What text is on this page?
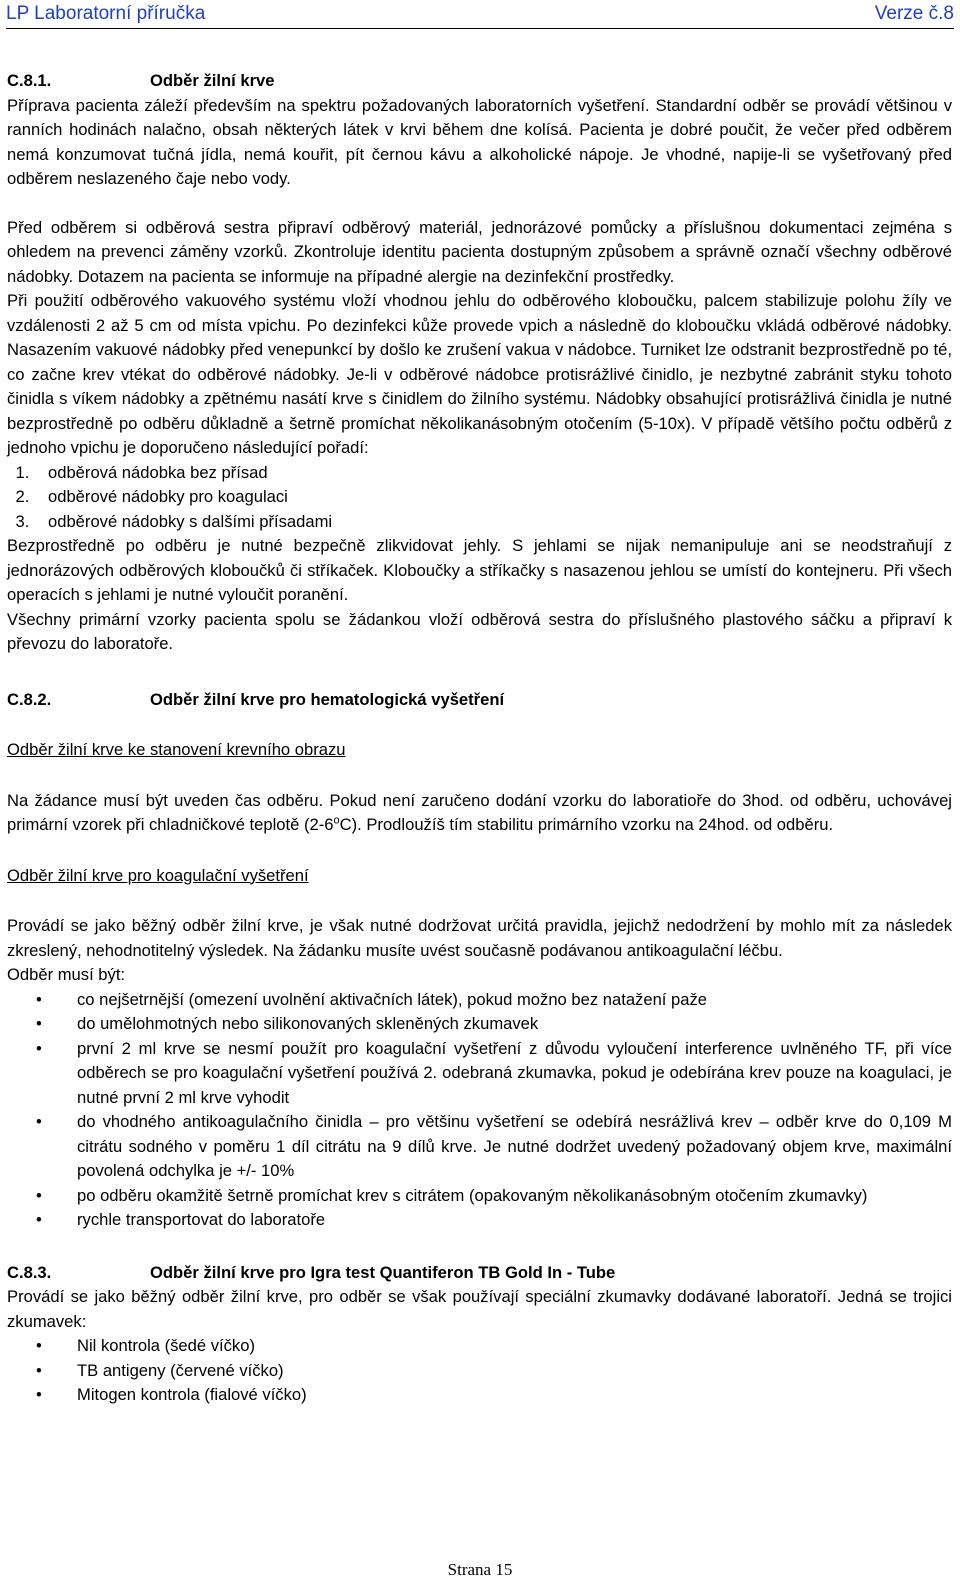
LP Laboratorní příručka	Verze č.8
C.8.1.	Odběr žilní krve

Příprava pacienta záleží především na spektru požadovaných laboratorních vyšetření. Standardní odběr se provádí většinou v ranních hodinách nalačno, obsah některých látek v krvi během dne kolísá. Pacienta je dobré poučit, že večer před odběrem nemá konzumovat tučná jídla, nemá kouřit, pít černou kávu a alkoholické nápoje. Je vhodné, napije-li se vyšetřovaný před odběrem neslazeného čaje nebo vody.

Před odběrem si odběrová sestra připraví odběrový materiál, jednorázové pomůcky a příslušnou dokumentaci zejména s ohledem na prevenci záměny vzorků. Zkontroluje identitu pacienta dostupným způsobem a správně označí všechny odběrové nádobky. Dotazem na pacienta se informuje na případné alergie na dezinfekční prostředky.

Při použití odběrového vakuového systému vloží vhodnou jehlu do odběrového kloboučku, palcem stabilizuje polohu žíly ve vzdálenosti 2 až 5 cm od místa vpichu. Po dezinfekci kůže provede vpich a následně do kloboučku vkládá odběrové nádobky. Nasazením vakuové nádobky před venepunkcí by došlo ke zrušení vakua v nádobce. Turniket lze odstranit bezprostředně po té, co začne krev vtékat do odběrové nádobky. Je-li v odběrové nádobce protisrážlivé činidlo, je nezbytné zabránit styku tohoto činidla s víkem nádobky a zpětnému nasátí krve s činidlem do žilního systému. Nádobky obsahující protisrážlivá činidla je nutné bezprostředně po odběru důkladně a šetrně promíchat několikanásobným otočením (5-10x). V případě většího počtu odběrů z jednoho vpichu je doporučeno následující pořadí:

1. odběrová nádobka bez přísad
2. odběrové nádobky pro koagulaci
3. odběrové nádobky s dalšími přísadami

Bezprostředně po odběru je nutné bezpečně zlikvidovat jehly. S jehlami se nijak nemanipuluje ani se neodstraňují z jednorázových odběrových kloboučků či stříkaček. Kloboučky a stříkačky s nasazenou jehlou se umístí do kontejneru. Při všech operacích s jehlami je nutné vyloučit poranění.

Všechny primární vzorky pacienta spolu se žádankou vloží odběrová sestra do příslušného plastového sáčku a připraví k převozu do laboratoře.

C.8.2.	Odběr žilní krve pro hematologická vyšetření

Odběr žilní krve ke stanovení krevního obrazu

Na žádance musí být uveden čas odběru. Pokud není zaručeno dodání vzorku do laboratioře do 3hod. od odběru, uchovávej primární vzorek při chladničkové teplotě (2-6$^o$C). Prodloužíš tím stabilitu primárního vzorku na 24hod. od odběru.

Odběr žilní krve pro koagulační vyšetření

Provádí se jako běžný odběr žilní krve, je však nutné dodržovat určitá pravidla, jejichž nedodržení by mohlo mít za následek zkreslený, nehodnotitelný výsledek. Na žádanku musíte uvést současně podávanou antikoagulační léčbu.

Odběr musí být:

• co nejšetrnější (omezení uvolnění aktivačních látek), pokud možno bez natažení paže
• do umělohmotných nebo silikonovaných skleněných zkumavek
• první 2 ml krve se nesmí použít pro koagulační vyšetření z důvodu vyloučení interference uvlněného TF, při více odběrech se pro koagulační vyšetření používá 2. odebraná zkumavka, pokud je odebírána krev pouze na koagulaci, je nutné první 2 ml krve vyhodit
• do vhodného antikoagulačního činidla – pro většinu vyšetření se odebírá nesrážlivá krev – odběr krve do 0,109 M citrátu sodného v poměru 1 díl citrátu na 9 dílů krve. Je nutné dodržet uvedený požadovaný objem krve, maximální povolená odchylka je +/- 10%
• po odběru okamžitě šetrně promíchat krev s citrátem (opakovaným několikanásobným otočením zkumavky)
• rychle transportovat do laboratoře
C.8.3.	Odběr žilní krve pro Igra test Quantiferon TB Gold In - Tube

Provádí se jako běžný odběr žilní krve, pro odběr se však používají speciální zkumavky dodávané laboratoří. Jedná se trojici zkumavek:

• Nil kontrola (šedé víčko)
• TB antigeny (červené víčko)
• Mitogen kontrola (fialové víčko)
Strana 15
